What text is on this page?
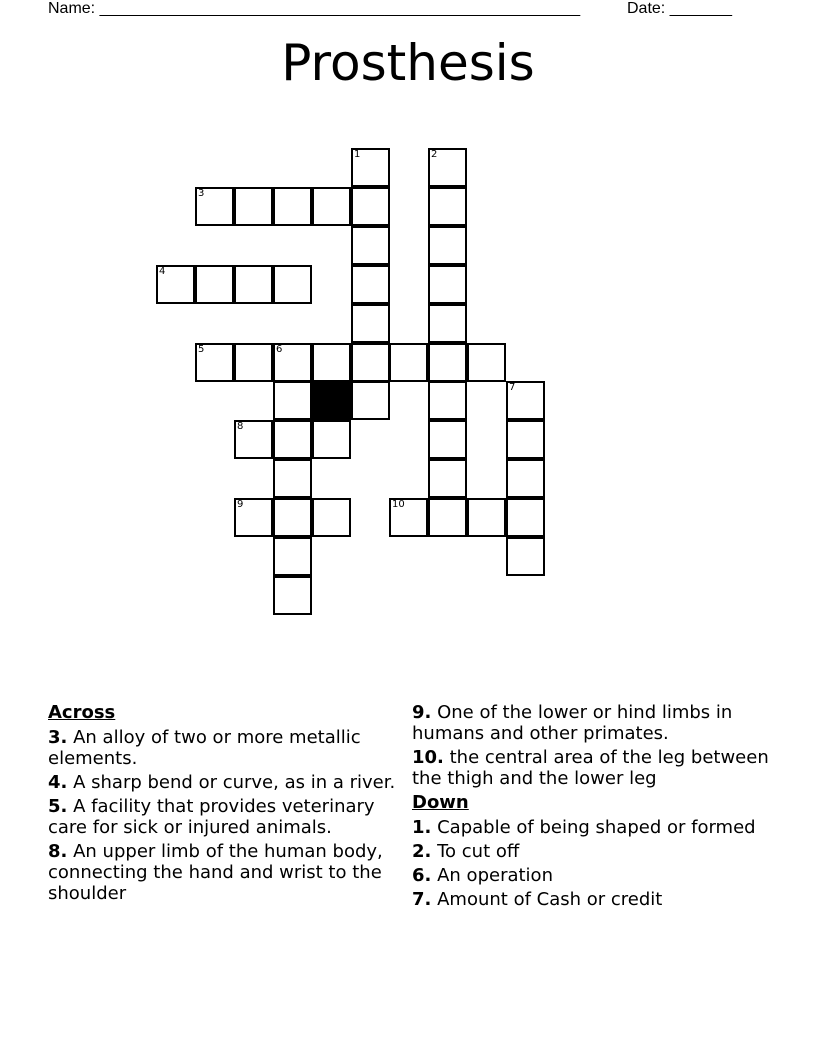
Name: ______________________________________________________

	Date: _______

Prosthesis
1	2
3
4
5	6
7
8
9	10
Across
3. An alloy of two or more metallic elements.
4. A sharp bend or curve, as in a river.
5. A facility that provides veterinary care for sick or injured animals.
8. An upper limb of the human body, connecting the hand and wrist to the shoulder
9. One of the lower or hind limbs in humans and other primates.
10. the central area of the leg between the thigh and the lower leg
Down
1. Capable of being shaped or formed
2. To cut off
6. An operation
7. Amount of Cash or credit
